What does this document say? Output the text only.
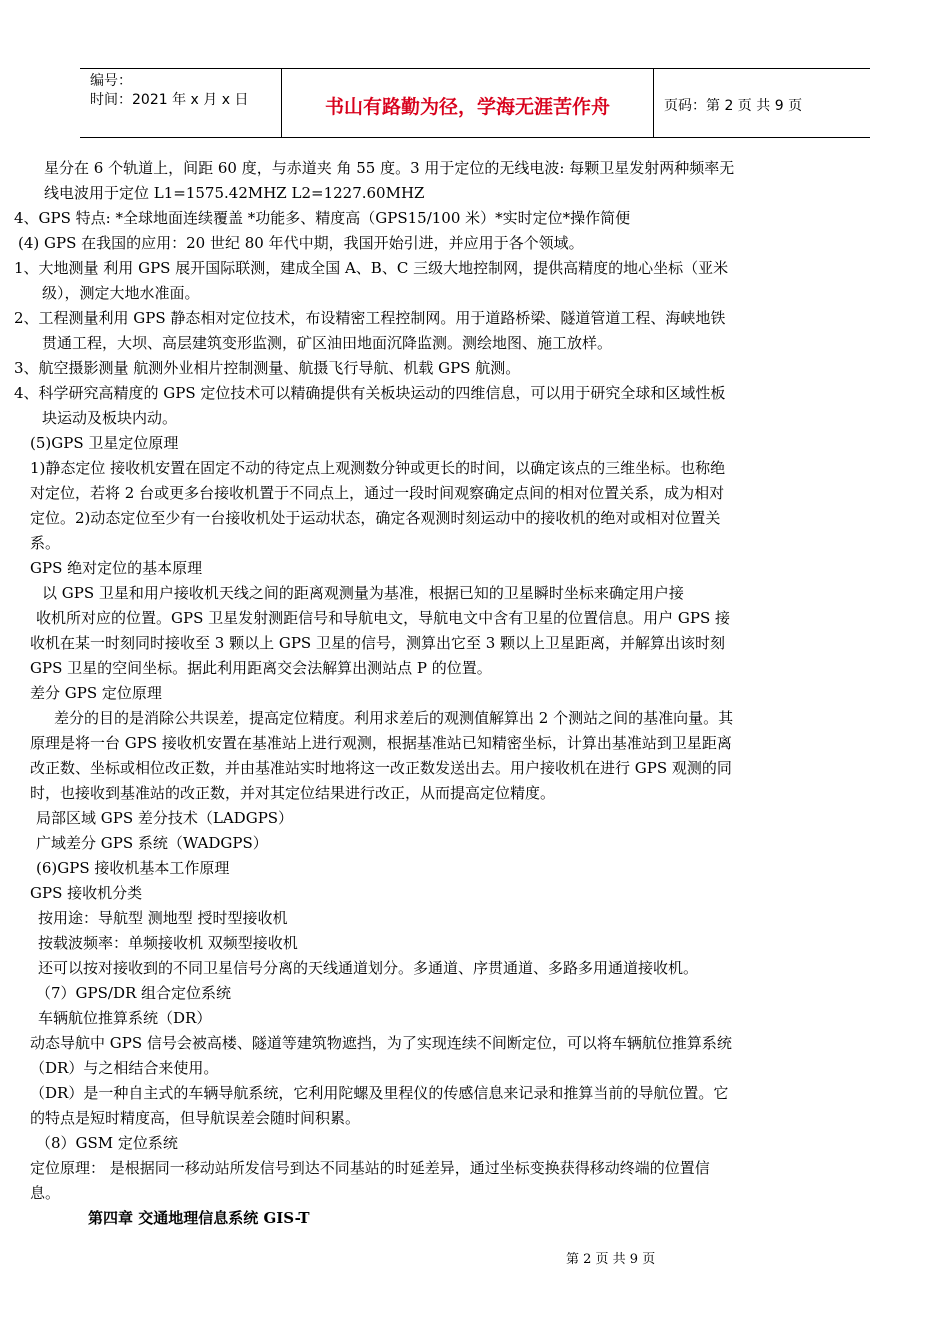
编号：
时间：2021 年 x 月 x 日	书山有路勤为径，学海无涯苦作舟	页码：第 2 页 共 9 页
星分在 6 个轨道上，间距 60 度，与赤道夹 角 55 度。3 用于定位的无线电波: 每颗卫星发射两种频率无
线电波用于定位 L1=1575.42MHZ L2=1227.60MHZ
4、GPS 特点: *全球地面连续覆盖 *功能多、精度高（GPS15/100 米）*实时定位*操作简便
(4) GPS 在我国的应用：20 世纪 80 年代中期，我国开始引进，并应用于各个领域。
1、大地测量 利用 GPS 展开国际联测，建成全国 A、B、C 三级大地控制网，提供高精度的地心坐标（亚米
级），测定大地水准面。
2、工程测量利用 GPS 静态相对定位技术，布设精密工程控制网。用于道路桥梁、隧道管道工程、海峡地铁
贯通工程，大坝、高层建筑变形监测，矿区油田地面沉降监测。测绘地图、施工放样。
3、航空摄影测量 航测外业相片控制测量、航摄飞行导航、机载 GPS 航测。
4、科学研究高精度的 GPS 定位技术可以精确提供有关板块运动的四维信息，可以用于研究全球和区域性板
块运动及板块内动。
(5)GPS 卫星定位原理
1)静态定位 接收机安置在固定不动的待定点上观测数分钟或更长的时间，以确定该点的三维坐标。也称绝
对定位，若将 2 台或更多台接收机置于不同点上，通过一段时间观察确定点间的相对位置关系，成为相对
定位。2)动态定位至少有一台接收机处于运动状态，确定各观测时刻运动中的接收机的绝对或相对位置关
系。
GPS 绝对定位的基本原理
以 GPS 卫星和用户接收机天线之间的距离观测量为基准，根据已知的卫星瞬时坐标来确定用户接
收机所对应的位置。GPS 卫星发射测距信号和导航电文，导航电文中含有卫星的位置信息。用户 GPS 接
收机在某一时刻同时接收至 3 颗以上 GPS 卫星的信号，测算出它至 3 颗以上卫星距离，并解算出该时刻
GPS 卫星的空间坐标。据此利用距离交会法解算出测站点 P 的位置。
差分 GPS 定位原理
差分的目的是消除公共误差，提高定位精度。利用求差后的观测值解算出 2 个测站之间的基准向量。其
原理是将一台 GPS 接收机安置在基准站上进行观测，根据基准站已知精密坐标，计算出基准站到卫星距离
改正数、坐标或相位改正数，并由基准站实时地将这一改正数发送出去。用户接收机在进行 GPS 观测的同
时，也接收到基准站的改正数，并对其定位结果进行改正，从而提高定位精度。
局部区域 GPS 差分技术（LADGPS）
广域差分 GPS 系统（WADGPS）
(6)GPS 接收机基本工作原理
GPS 接收机分类
按用途：导航型 测地型 授时型接收机
按载波频率：单频接收机 双频型接收机
还可以按对接收到的不同卫星信号分离的天线通道划分。多通道、序贯通道、多路多用通道接收机。
（7）GPS/DR 组合定位系统
车辆航位推算系统（DR）
动态导航中 GPS 信号会被高楼、隧道等建筑物遮挡，为了实现连续不间断定位，可以将车辆航位推算系统
（DR）与之相结合来使用。
（DR）是一种自主式的车辆导航系统，它利用陀螺及里程仪的传感信息来记录和推算当前的导航位置。它
的特点是短时精度高，但导航误差会随时间积累。
（8）GSM 定位系统
定位原理： 是根据同一移动站所发信号到达不同基站的时延差异，通过坐标变换获得移动终端的位置信
息。
第四章 交通地理信息系统 GIS-T
第 2 页 共 9 页
